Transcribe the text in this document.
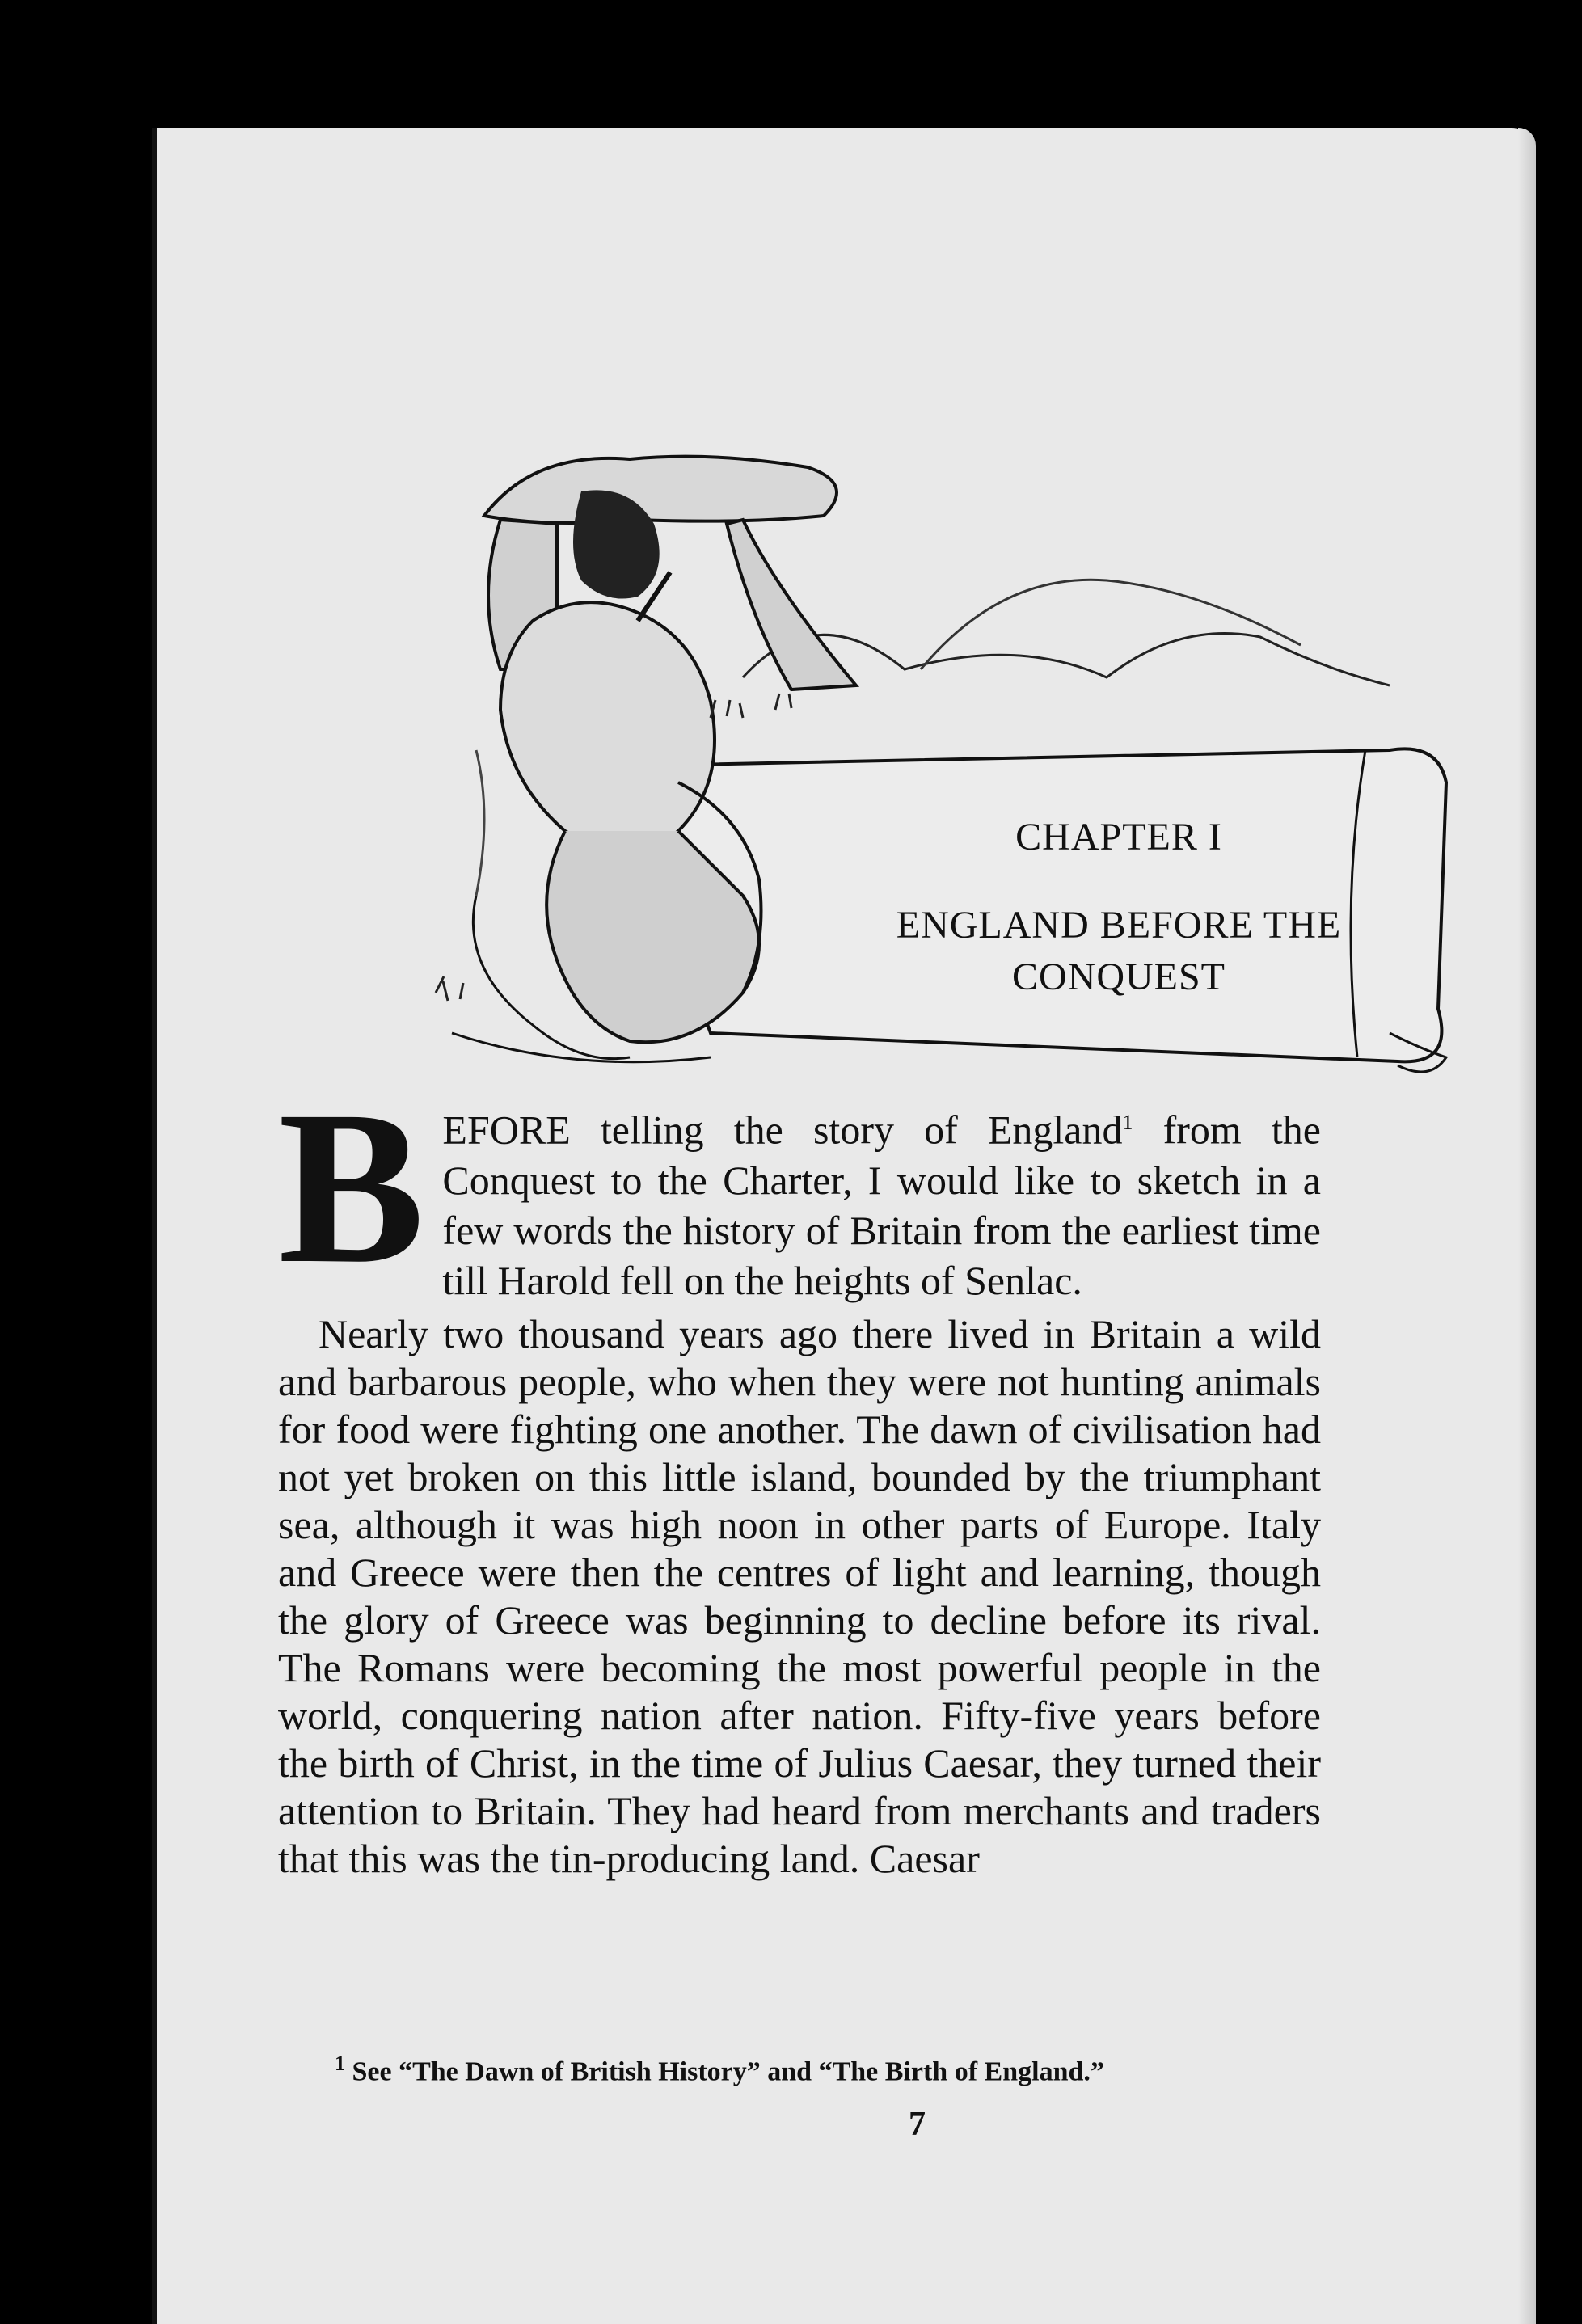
CHAPTER I
ENGLAND BEFORE THE
CONQUEST
BEFORE telling the story of England$^1$ from the Conquest to the Charter, I would like to sketch in a few words the history of Britain from the earliest time till Harold fell on the heights of Senlac.
Nearly two thousand years ago there lived in Britain a wild and barbarous people, who when they were not hunting animals for food were fighting one another. The dawn of civilisation had not yet broken on this little island, bounded by the triumphant sea, although it was high noon in other parts of Europe. Italy and Greece were then the centres of light and learning, though the glory of Greece was beginning to decline before its rival. The Romans were becoming the most powerful people in the world, conquering nation after nation. Fifty-five years before the birth of Christ, in the time of Julius Caesar, they turned their attention to Britain. They had heard from merchants and traders that this was the tin-producing land. Caesar
$^1$ See “The Dawn of British History” and “The Birth of England.”
7
